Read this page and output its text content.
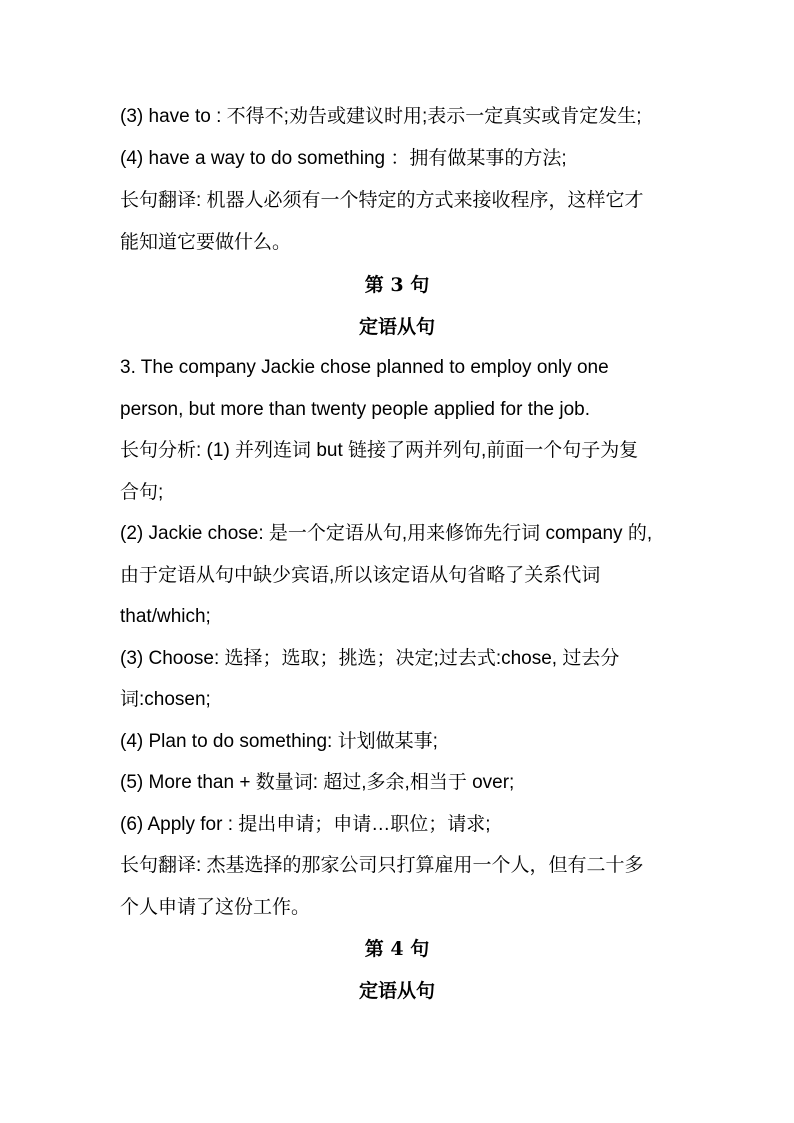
(3) have to : 不得不;劝告或建议时用;表示一定真实或肯定发生;
(4) have a way to do something ：拥有做某事的方法;
长句翻译: 机器人必须有一个特定的方式来接收程序，这样它才
能知道它要做什么。
第 3 句
定语从句
3. The company Jackie chose planned to employ only one
person, but more than twenty people applied for the job.
长句分析: (1) 并列连词 but 链接了两并列句,前面一个句子为复
合句;
(2) Jackie chose: 是一个定语从句,用来修饰先行词 company 的,
由于定语从句中缺少宾语,所以该定语从句省略了关系代词
that/which;
(3) Choose: 选择；选取；挑选；决定;过去式:chose, 过去分
词:chosen;
(4) Plan to do something: 计划做某事;
(5) More than + 数量词: 超过,多余,相当于 over;
(6) Apply for : 提出申请；申请…职位；请求;
长句翻译: 杰基选择的那家公司只打算雇用一个人，但有二十多
个人申请了这份工作。
第 4 句
定语从句
